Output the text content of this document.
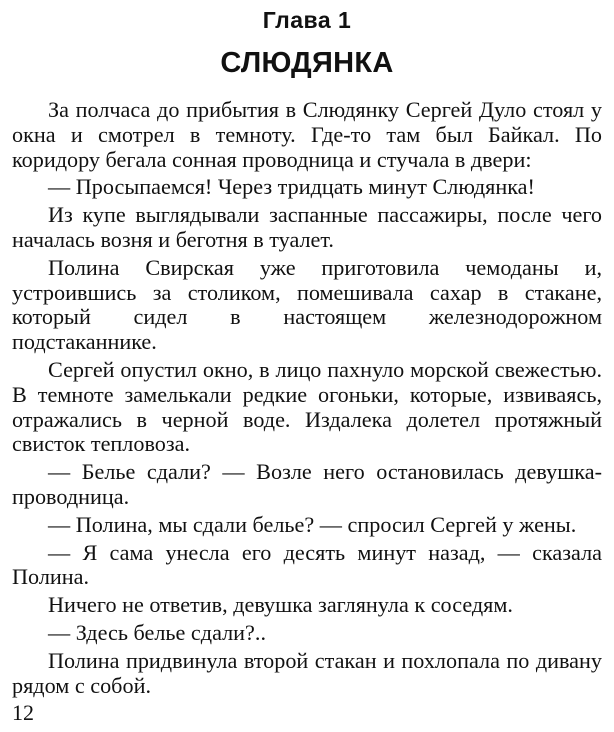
Глава 1
СЛЮДЯНКА

За полчаса до прибытия в Слюдянку Сергей Дуло стоял у окна и смотрел в темноту. Где-то там был Байкал. По коридору бегала сонная проводница и стучала в двери:

— Просыпаемся! Через тридцать минут Слюдянка!

Из купе выглядывали заспанные пассажиры, после чего началась возня и беготня в туалет.

Полина Свирская уже приготовила чемоданы и, устроившись за столиком, помешивала сахар в стакане, который сидел в настоящем железнодорожном подстаканнике.

Сергей опустил окно, в лицо пахнуло морской свежестью. В темноте замелькали редкие огоньки, которые, извиваясь, отражались в черной воде. Издалека долетел протяжный свисток тепловоза.

— Белье сдали? — Возле него остановилась девушка-проводница.

— Полина, мы сдали белье? — спросил Сергей у жены.

— Я сама унесла его десять минут назад, — сказала Полина.

Ничего не ответив, девушка заглянула к соседям.

— Здесь белье сдали?..

Полина придвинула второй стакан и похлопала по дивану рядом с собой.

12
